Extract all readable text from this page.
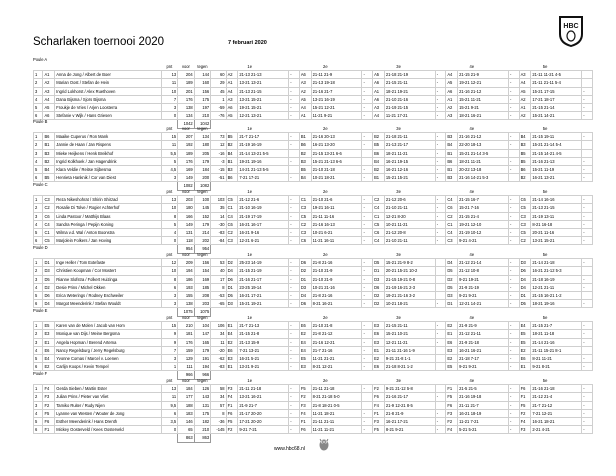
Scharlaken toernooi 2020	7 februari 2020
HBC
Poule A
			pnt	voor	tegen	1e			2e			3e			4e			5e			
1	A1	Anna de Jong / Albert de Boer	13	204	144	60	A2	21-13 21-13	-	A6	21-11 21-9	-	A5	21-18 21-19	-	A4	21-15 21-9	-	A3	21-11 11-21 4-5	
2	A2	Marian Oost / Stefan de Hein	11	189	160	29	A1	13-21 13-21	-	A3	21-13 19-18	-	A6	21-15 21-11	-	A5	19-21 12-21	-	A4	21-11 21-11 5-4	
3	A3	Ingrid Lokhorst / Alex Ruethoven	10	201	156	45	A4	21-13 21-15	-	A2	21-16 21-7	-	A1	18-21 19-21	-	A6	21-16 21-12	-	A5	15-21 17-15	-
4	A4	Dana Bijsma / Sjors Bijsma	7	176	175	1	A3	13-21 15-21	-	A5	13-21 16-19	-	A6	21-10 21-16	-	A1	15-21 11-21	-	A2	17-21 18-17	-
5	A5	Froukje de Vries / Arjen Loosterra	3	138	197	-59	A6	19-21 15-21	-	A4	15-21 12-21	-	A3	21-19 21-15	-	A2	15-21 9-21	-	A1	21-15 21-14	-
6	A6	Stefanie v Wijk / Hans Griesen	0	134	210	-76	A5	12-21 13-21	-	A1	11-21 9-21	-	A4	11-21 17-21	-	A3	18-21 16-21	-	A2	15-21 14-21	-
				1042	1042																
Poule B
			pnt	voor	tegen	1e			2e			3e			4e			5e			
1	B6	Maaike Cuperus / Ron Mank	15	207	134	73	B5	21-7 21-17	-	B1	21-16 20-13	-	B2	21-18 21-11	-	B3	21-16 21-12	-	B4	21-15 19-11	-
2	B1	Jannie de Haan / Jan Rispens	11	192	180	12	B2	21-19 16-19	-	B6	16-21 13-20	-	B5	21-13 21-17	-	B4	22-20 18-13	-	B3	15-21 21-14 5-4	
3	B3	Mieke Heijkens / Henk Breikhof	5,5	189	205	-16	B4	21-14 13-21 5-5		B2	21-15 13-21 6-6		B6	18-21 11-21	-	B1	15-21 21-14 3-5		B5	21-15 14-21 4-5	
4	B2	Ingrid Kolkhoek / Jan Hagendrink	5	176	179	-3	B1	19-21 19-16	-	B3	15-21 21-13 6-6		B4	16-21 19-15	-	B6	18-21 11-21	-	B5	21-16 21-13	-
5	B4	Klara Veldie / Reitse Sijbesma	4,5	169	184	-15	B3	14-21 21-13 5-5		B5	21-10 21-18	-	B2	16-21 12-16	-	B1	20-22 13-18	-	B6	15-21 11-19	-
6	B5	Henrieta Hanknik / Cor van Diest	3	149	200	-51	B6	7-21 17-21	-	B4	10-21 18-21	-	B1	15-21 15-21	-	B3	21-16 14-21 5-3		B2	16-21 13-21	-
				1082	1082																
Poule C
			pnt	voor	tegen	1e			2e			3e			4e			5e			
1	C3	Reza Nikeshohrat / Shirin Shirzad	13	203	100	103	C5	21-12 21-6	-	C1	21-10 21-6	-	C2	21-12 20-6	-	C4	21-15 16-7	-	C6	21-14 16-16	-
2	C2	Rosalie Di Tolve / Rogier Achterhof	10	180	145	35	C1	21-10 16-19	-	C3	19-21 16-11	-	C4	21-10 21-11	-	C6	15-21 7-16	-	C5	21-13 21-15	-
3	C6	Linda Pastoor / Matthijs Blaas	8	166	152	14	C4	21-19 17-19	-	C5	21-11 11-16	-	C1	12-21 8-20	-	C2	21-15 21-4	-	C3	21-19 13-11	-
4	C4	Sandra Peringa / Pepijn Koning	5	149	179	-30	C6	16-21 16-17	-	C2	21-16 16-13	-	C5	10-21 11-21	-	C1	19-21 12-10	-	C3	8-21 16-18	-
5	C1	Wilma v.d. Wal / Anton Boonstra	4	131	214	-83	C2	16-21 9-16	-	C3	10-21 6-21	-	C6	21-12 20-8	-	C4	21-19 10-12	-	C5	20-21 11-16	-
6	C5	Marjolein Folkers / Jan Hoving	0	118	202	-84	C3	12-21 6-21	-	C6	11-21 16-11	-	C4	21-10 21-11	-	C3	9-21 4-21	-	C2	13-21 15-21	-
				954	954																
Poule D
			pnt	voor	tegen	1e			2e			3e			4e			5e			
1	D1	Inge Heller / Tom Extefaste	12	209	156	53	D2	25-23 14-19	-	D6	21-8 21-16	-	D5	15-21 21-9 8-2		D4	21-12 21-14	-	D3	21-14 21-18	-
2	D3	Christien Koopman / Cor Mostert	10	194	154	40	D4	21-15 21-19	-	D2	21-10 21-9	-	D1	20-21 15-21 10-2		D5	21-12 10-8	-	D6	16-21 21-12 5-3	
3	D5	Rianne Slofstra / Folkert Huizinga	8	186	169	17	D6	21-16 21-17	-	D1	21-10 21-9	-	D3	21-15 19-21 0-8		D2	9-21 19-21	-	D4	21-18 16-19	-
4	D2	Desie Prins / Michel Okken	6	193	185	8	D1	23-25 19-14	-	D3	10-21 21-16	-	D6	21-19 16-21 2-3		D5	21-9 21-19	-	D4	12-21 21-11	-
5	D6	Erica Weterings / Rodney Eschweiler	3	155	208	-53	D5	16-21 17-21	-	D4	21-8 21-16	-	D2	19-21 21-16 3-2		D3	9-21 9-21	-	D1	21-15 16-21 1-2	
6	D4	Margot Meenderink / Stefan Wouldt	3	138	203	-65	D3	15-21 19-21	-	D6	8-21 16-21	-	D2	10-21 18-21	-	D1	12-21 14-21	-	D5	18-21 19-16	-
				1075	1075																
Poule E
			pnt	voor	tegen	1e			2e			3e			4e			5e			
1	E5	Karen van de Molen / Jacob van Hom	15	210	104	106	E1	21-7 21-13	-	E6	21-10 21-8	-	E3	21-15 21-11	-	E2	21-9 21-9	-	E4	21-15 21-7	-
2	E3	Monique van Dijs / Meine Bergsma	9	181	147	34	E4	21-15 21-8	-	E2	21-8 21-12	-	E6	15-21 10-21	-	E1	21-12 21-11	-	E5	18-21 11-18	-
3	E1	Angela Hopman / Berend Artema	9	176	165	11	E2	21-13 15-9	-	E4	21-16 12-21	-	E3	12-21 11-21	-	E6	21-9 21-18	-	E5	21-14 21-16	-
4	E6	Nancy Regelsburg / Jerry Regelsburg	7	159	179	-20	E6	7-21 13-21	-	E4	21-7 21-16	-	E1	21-11 21-16 1-9		E3	16-21 16-21	-	E2	21-11 15-21 8-1	
5	E4	Yvonne Comas / Marcel v. Loenen	3	129	191	-62	E3	16-21 5-21	-	E5	11-21 21-21	-	E2	9-21 21-8 1-1		E2	21-18 7-17	-	E6	8-21 11-21	-
6	E2	Carlijn Koops / Kevin Tempel	1	111	194	-83	E1	13-21 9-21	-	E3	8-21 12-21	-	E6	21-18 8-21 1-2		E5	9-21 9-21	-	E1	9-21 8-21	-
				966	966																
Poule F
			pnt	voor	tegen	1e			2e			3e			4e			5e			
1	F4	Gerda Sieben / Martin Ester	13	184	126	58	F3	21-11 21-18	-	F5	21-11 21-18	-	F2	9-21 21-12 5-8		F1	21-5 21-5	-	F6	21-16 21-18	-
2	F3	Julian Prins / Pieter van Vliet	11	177	143	34	F4	13-21 16-21	-	F2	8-21 21-18 5-0		F6	21-16 21-17	-	F5	21-16 19-18	-	F1	21-12 21-4	-
3	F2	Tamiko Ruiter / Rudy Nijen	9,5	188	131	57	F1	21-9 21-7	-	F3	21-8 18-21 0-5		F4	21-9 12-21 8-5		F6	21-11 21-7	-	F5	21-7 21-12	-
4	F5	Lyanne van Westen / Wouter de Jong	6	183	175	8	F6	21-17 20-20	-	F4	11-21 18-21	-	F1	21-8 21-9	-	F3	16-21 18-19	-	F2	7-21 12-21	-
5	F6	Esther Meenderink / Hans Drenth	3,5	146	182	-36	F5	17-21 20-20	-	F1	21-11 21-11	-	F3	16-21 17-21	-	F2	11-21 7-21	-	F4	16-21 18-21	-
6	F1	Mickey Oosterveld / Kees Oosterveld	0	65	210	-145	F2	9-21 7-21	-	F6	11-21 11-21	-	F5	8-21 9-21	-	F4	5-21 5-21	-	F3	2-21 4-21	-
				863	863																
www.hbc68.nl
